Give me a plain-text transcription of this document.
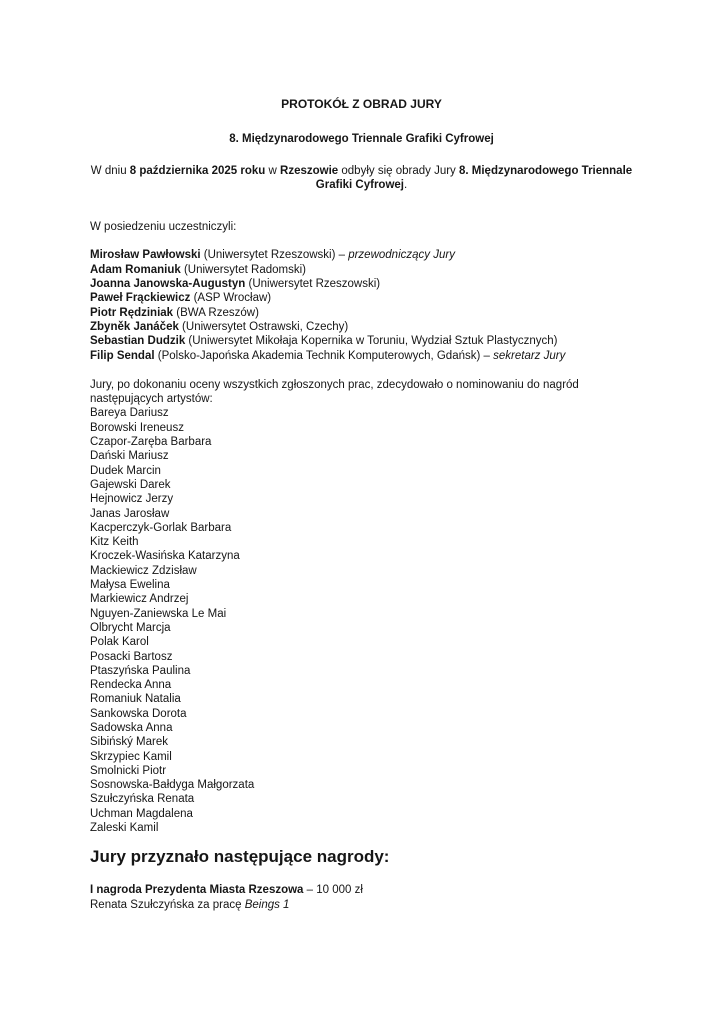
PROTOKÓŁ Z OBRAD JURY
8. Międzynarodowego Triennale Grafiki Cyfrowej

W dniu 8 października 2025 roku w Rzeszowie odbyły się obrady Jury 8. Międzynarodowego Triennale Grafiki Cyfrowej.

W posiedzeniu uczestniczyli:

Mirosław Pawłowski (Uniwersytet Rzeszowski) – przewodniczący Jury
Adam Romaniuk (Uniwersytet Radomski)
Joanna Janowska-Augustyn (Uniwersytet Rzeszowski)
Paweł Frąckiewicz (ASP Wrocław)
Piotr Rędziniak (BWA Rzeszów)
Zbyněk Janáček (Uniwersytet Ostrawski, Czechy)
Sebastian Dudzik (Uniwersytet Mikołaja Kopernika w Toruniu, Wydział Sztuk Plastycznych)
Filip Sendal (Polsko-Japońska Akademia Technik Komputerowych, Gdańsk) – sekretarz Jury

Jury, po dokonaniu oceny wszystkich zgłoszonych prac, zdecydowało o nominowaniu do nagród następujących artystów:

Bareya Dariusz
Borowski Ireneusz
Czapor-Zaręba Barbara
Dański Mariusz
Dudek Marcin
Gajewski Darek
Hejnowicz Jerzy
Janas Jarosław
Kacperczyk-Gorlak Barbara
Kitz Keith
Kroczek-Wasińska Katarzyna
Mackiewicz Zdzisław
Małysa Ewelina
Markiewicz Andrzej
Nguyen-Zaniewska Le Mai
Olbrycht Marcja
Polak Karol
Posacki Bartosz
Ptaszyńska Paulina
Rendecka Anna
Romaniuk Natalia
Sankowska Dorota
Sadowska Anna
Sibińský Marek
Skrzypiec Kamil
Smolnicki Piotr
Sosnowska-Bałdyga Małgorzata
Szułczyńska Renata
Uchman Magdalena
Zaleski Kamil
Jury przyznało następujące nagrody:

I nagroda Prezydenta Miasta Rzeszowa – 10 000 zł

Renata Szułczyńska za pracę Beings 1
